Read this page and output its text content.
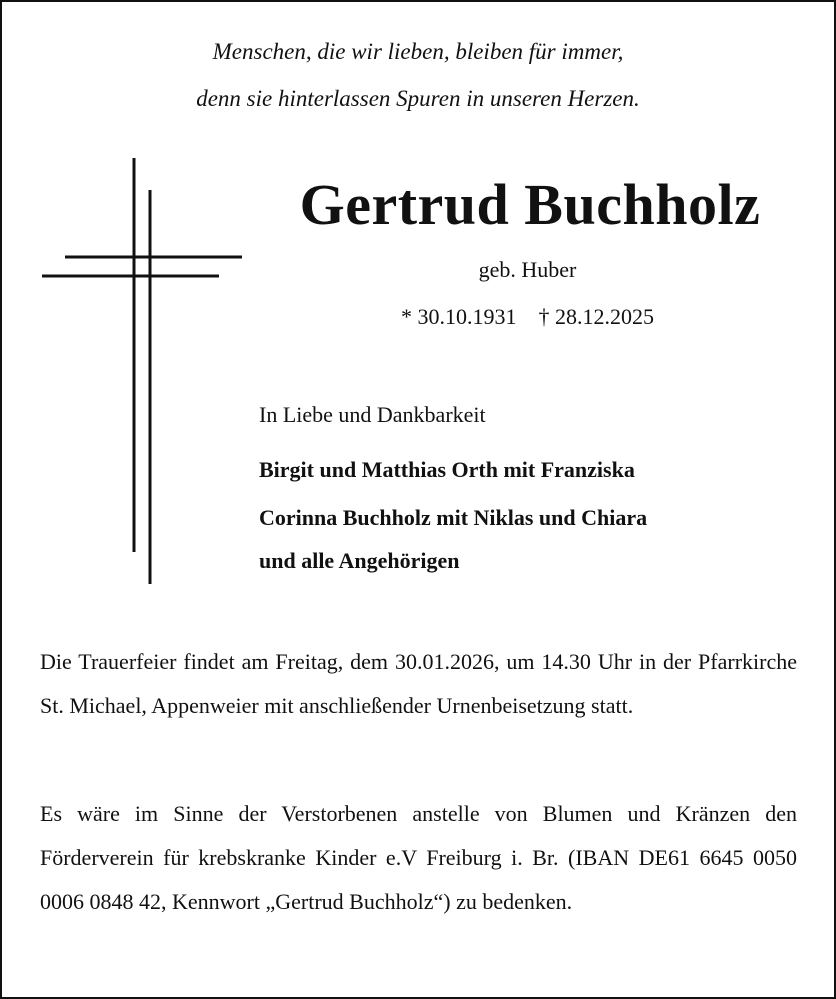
Menschen, die wir lieben, bleiben für immer,
denn sie hinterlassen Spuren in unseren Herzen.
Gertrud Buchholz
geb. Huber
* 30.10.1931 † 28.12.2025
In Liebe und Dankbarkeit
Birgit und Matthias Orth mit Franziska
Corinna Buchholz mit Niklas und Chiara
und alle Angehörigen
Die Trauerfeier findet am Freitag, dem 30.01.2026, um 14.30 Uhr in der Pfarrkirche St. Michael, Appenweier mit anschließender Urnenbeisetzung statt.
Es wäre im Sinne der Verstorbenen anstelle von Blumen und Kränzen den Förderverein für krebskranke Kinder e.V Freiburg i. Br. (IBAN DE61 6645 0050 0006 0848 42, Kennwort „Gertrud Buchholz“) zu bedenken.
